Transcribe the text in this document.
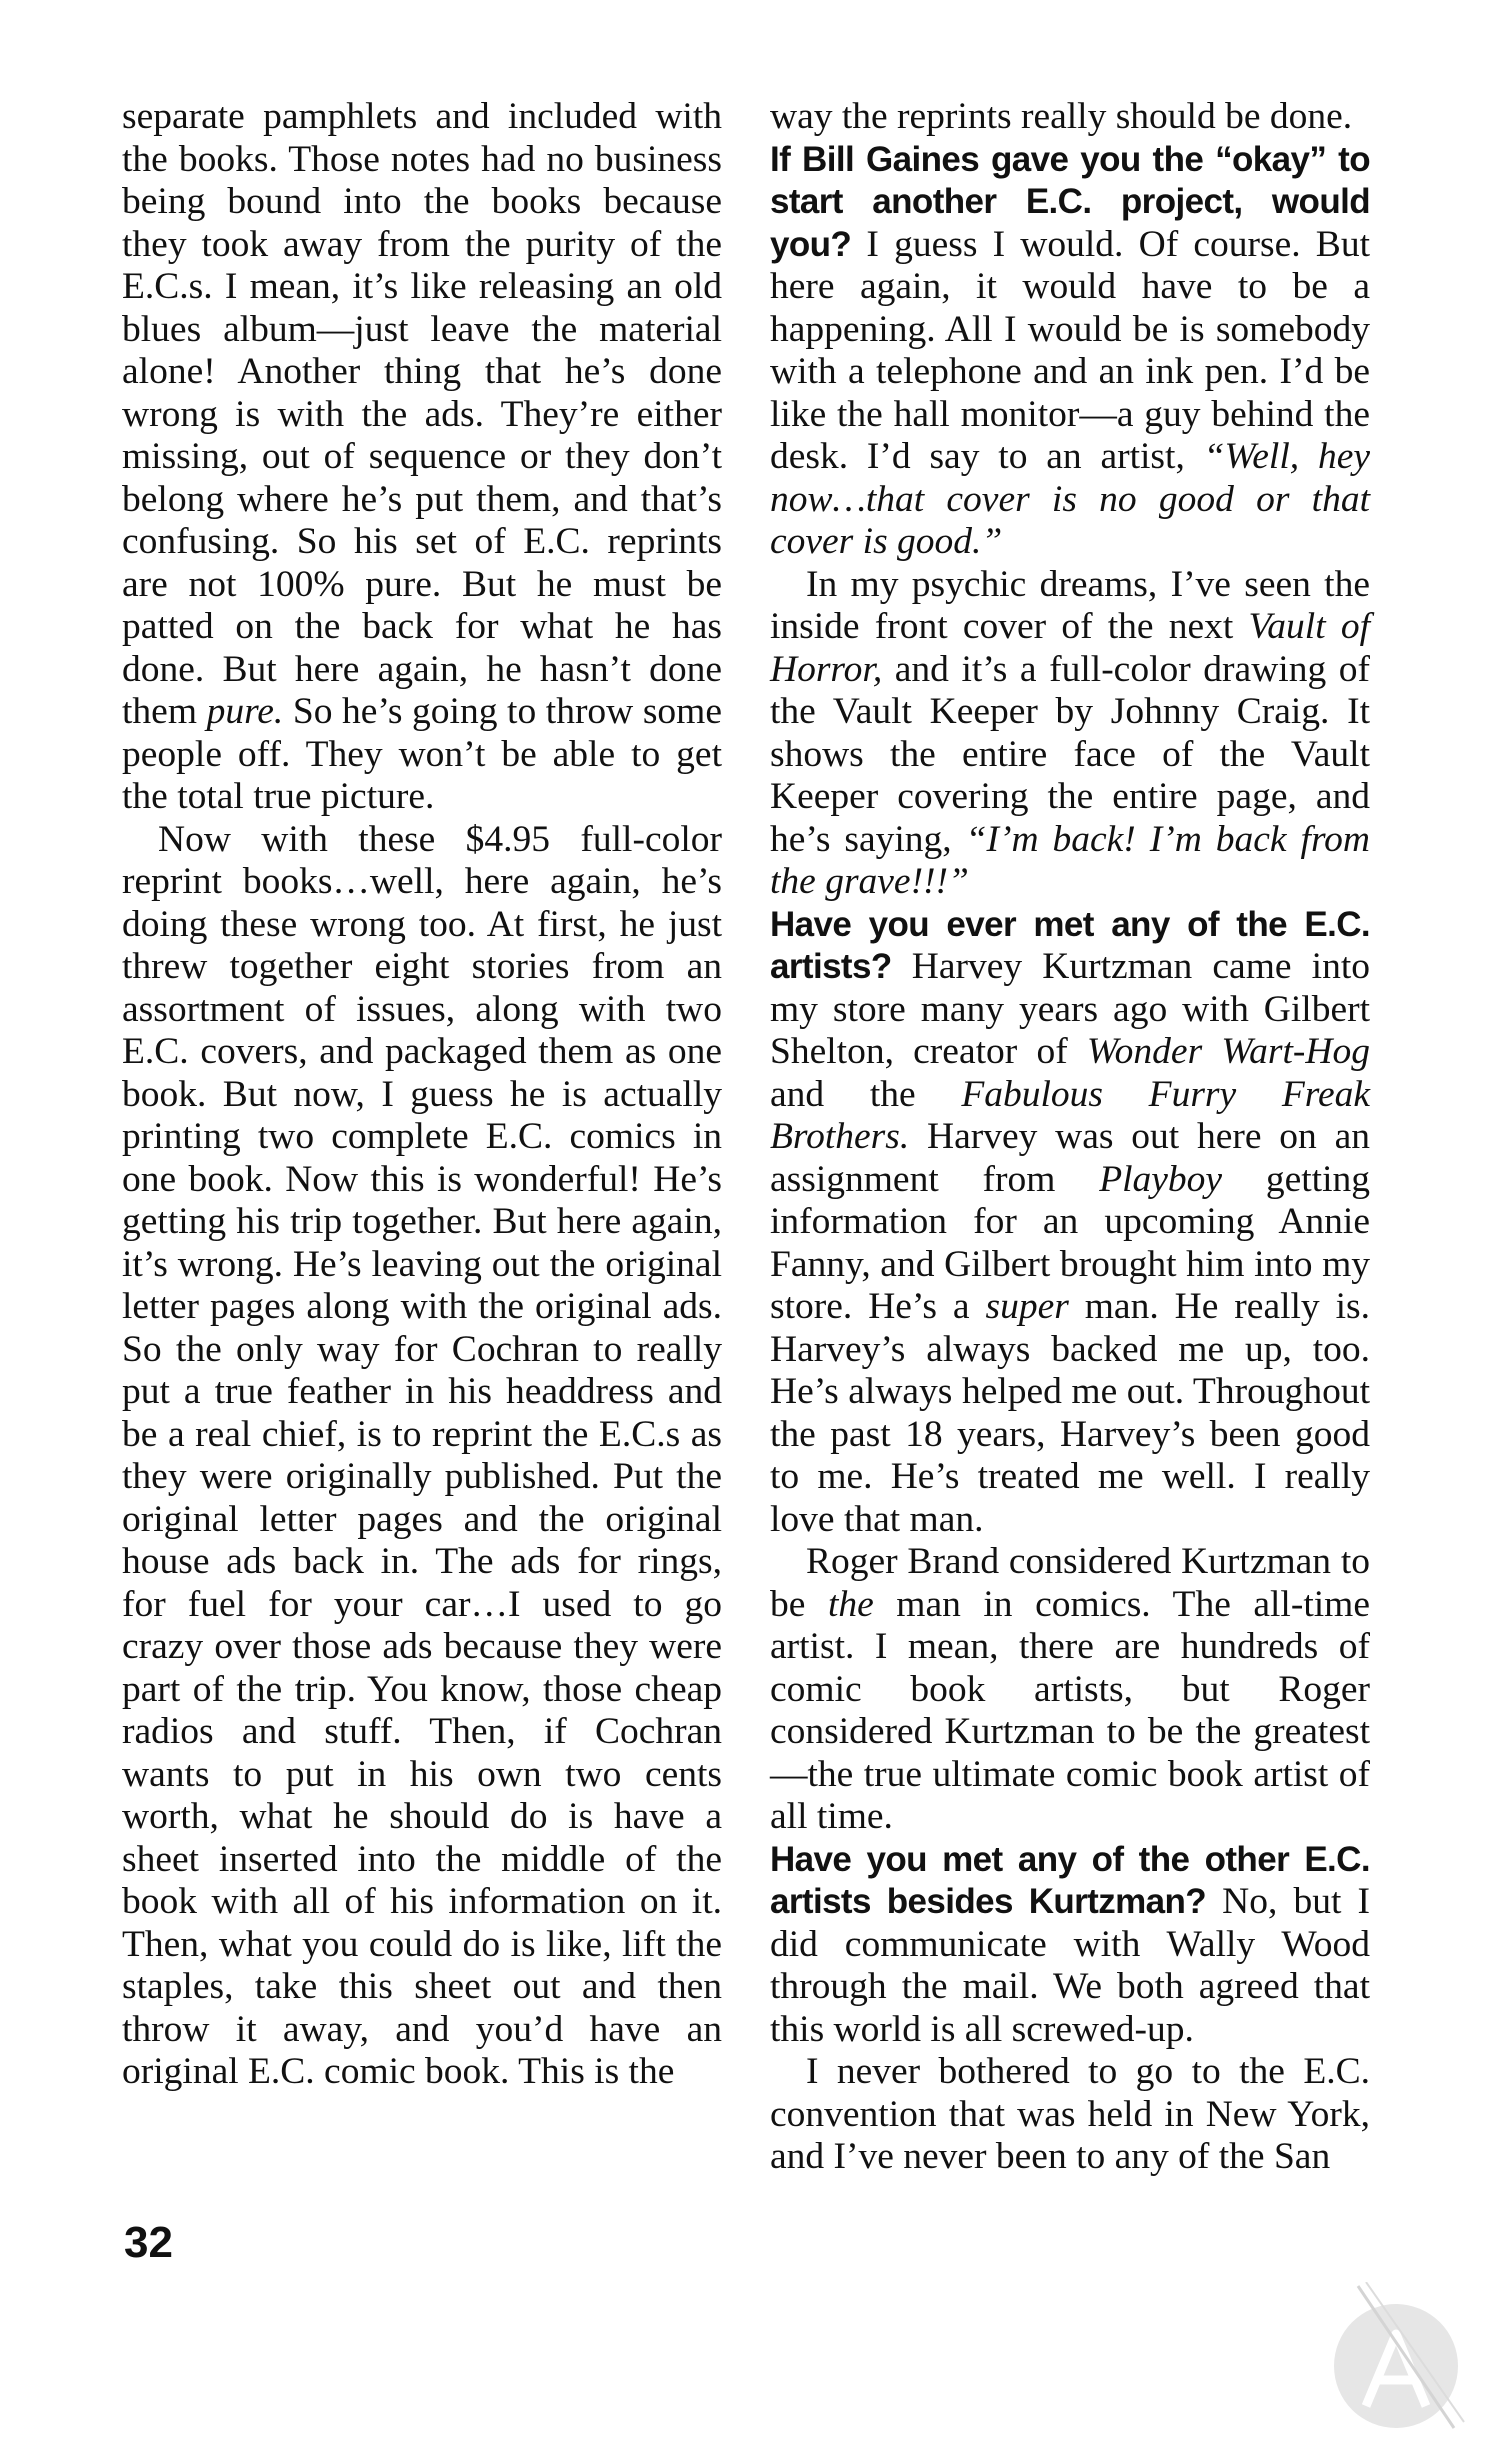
separate pamphlets and included with the books. Those notes had no business being bound into the books because they took away from the purity of the E.C.s. I mean, it’s like releasing an old blues album—just leave the material alone! Another thing that he’s done wrong is with the ads. They’re either missing, out of sequence or they don’t belong where he’s put them, and that’s confusing. So his set of E.C. reprints are not 100% pure. But he must be patted on the back for what he has done. But here again, he hasn’t done them pure. So he’s going to throw some people off. They won’t be able to get the total true picture.

Now with these $4.95 full-color reprint books…well, here again, he’s doing these wrong too. At first, he just threw together eight stories from an assortment of issues, along with two E.C. covers, and packaged them as one book. But now, I guess he is actually printing two complete E.C. comics in one book. Now this is wonderful! He’s getting his trip together. But here again, it’s wrong. He’s leaving out the original letter pages along with the original ads. So the only way for Cochran to really put a true feather in his headdress and be a real chief, is to reprint the E.C.s as they were originally published. Put the original letter pages and the original house ads back in. The ads for rings, for fuel for your car…I used to go crazy over those ads because they were part of the trip. You know, those cheap radios and stuff. Then, if Cochran wants to put in his own two cents worth, what he should do is have a sheet inserted into the middle of the book with all of his information on it. Then, what you could do is like, lift the staples, take this sheet out and then throw it away, and you’d have an original E.C. comic book. This is the

way the reprints really should be done.

If Bill Gaines gave you the “okay” to start another E.C. project, would you? I guess I would. Of course. But here again, it would have to be a happening. All I would be is somebody with a telephone and an ink pen. I’d be like the hall monitor—a guy behind the desk. I’d say to an artist, “Well, hey now…that cover is no good or that cover is good.”

In my psychic dreams, I’ve seen the inside front cover of the next Vault of Horror, and it’s a full-color drawing of the Vault Keeper by Johnny Craig. It shows the entire face of the Vault Keeper covering the entire page, and he’s saying, “I’m back! I’m back from the grave!!!”

Have you ever met any of the E.C. artists? Harvey Kurtzman came into my store many years ago with Gilbert Shelton, creator of Wonder Wart-Hog and the Fabulous Furry Freak Brothers. Harvey was out here on an assignment from Playboy getting information for an upcoming Annie Fanny, and Gilbert brought him into my store. He’s a super man. He really is. Harvey’s always backed me up, too. He’s always helped me out. Throughout the past 18 years, Harvey’s been good to me. He’s treated me well. I really love that man.

Roger Brand considered Kurtzman to be the man in comics. The all-time artist. I mean, there are hundreds of comic book artists, but Roger considered Kurtzman to be the greatest—the true ultimate comic book artist of all time.

Have you met any of the other E.C. artists besides Kurtzman? No, but I did communicate with Wally Wood through the mail. We both agreed that this world is all screwed-up.

I never bothered to go to the E.C. convention that was held in New York, and I’ve never been to any of the San

32
